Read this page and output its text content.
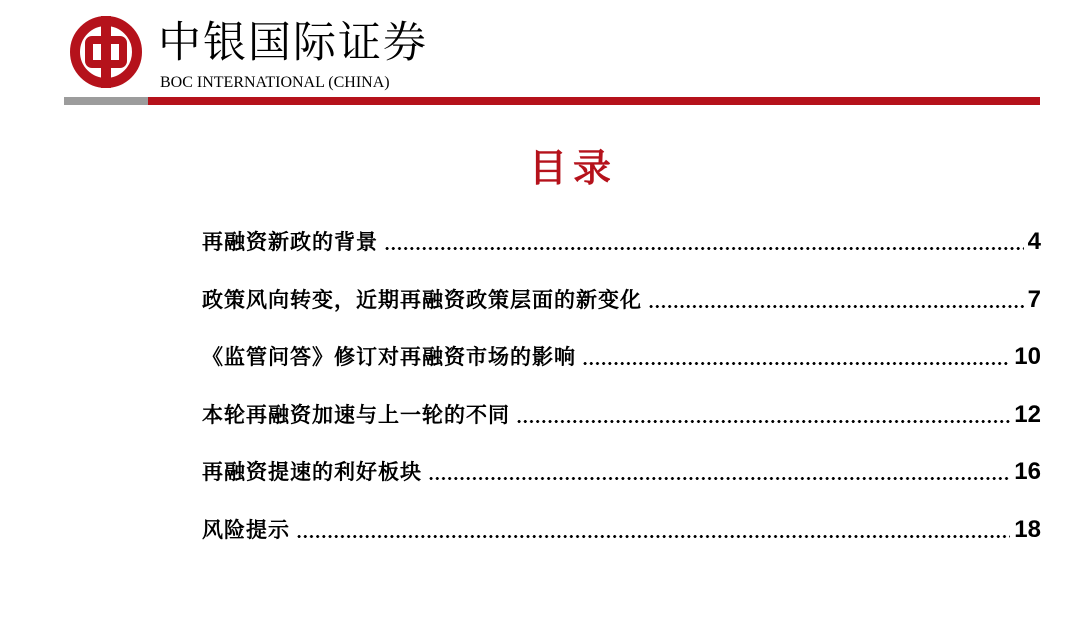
中银国际证券
BOC INTERNATIONAL (CHINA)
目录
再融资新政的背景	4
政策风向转变，近期再融资政策层面的新变化	7
《监管问答》修订对再融资市场的影响	10
本轮再融资加速与上一轮的不同	12
再融资提速的利好板块	16
风险提示	18
